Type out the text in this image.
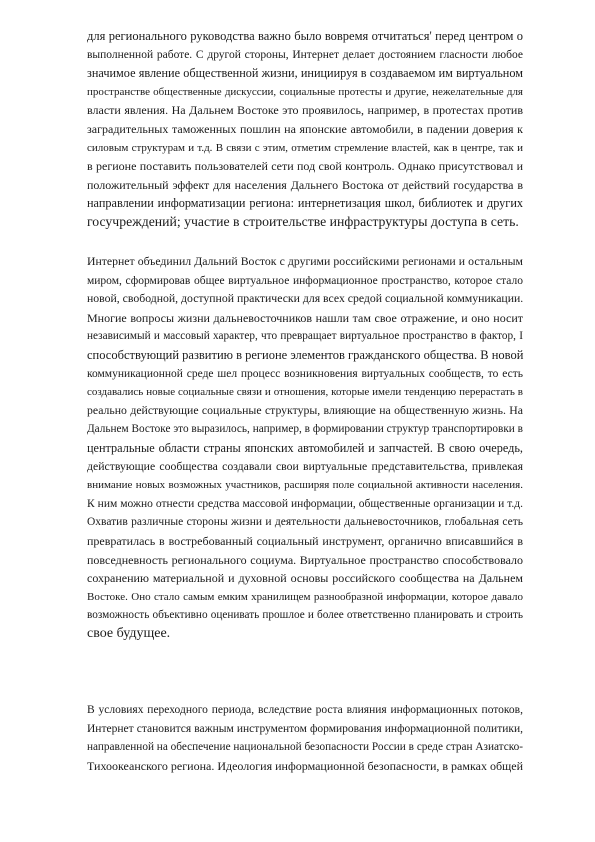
для регионального руководства важно было вовремя отчитаться' перед центром о
выполненной работе. С другой стороны, Интернет делает достоянием гласности любое
значимое явление общественной жизни, инициируя в создаваемом им виртуальном
пространстве общественные дискуссии, социальные протесты и другие, нежелательные для
власти явления. На Дальнем Востоке это проявилось, например, в протестах против
заградительных таможенных пошлин на японские автомобили, в падении доверия к
силовым структурам и т.д. В связи с этим, отметим стремление властей, как в центре, так и
в регионе поставить пользователей сети под свой контроль. Однако присутствовал и
положительный эффект для населения Дальнего Востока от действий государства в
направлении информатизации региона: интернетизация школ, библиотек и других
госучреждений; участие в строительстве инфраструктуры доступа в сеть.
Интернет объединил Дальний Восток с другими российскими регионами и остальным
миром, сформировав общее виртуальное информационное пространство, которое стало
новой, свободной, доступной практически для всех средой социальной коммуникации.
Многие вопросы жизни дальневосточников нашли там свое отражение, и оно носит
независимый и массовый характер, что превращает виртуальное пространство в фактор, I
способствующий развитию в регионе элементов гражданского общества. В новой
коммуникационной среде шел процесс возникновения виртуальных сообществ, то есть
создавались новые социальные связи и отношения, которые имели тенденцию перерастать в
реально действующие социальные структуры, влияющие на общественную жизнь. На
Дальнем Востоке это выразилось, например, в формировании структур транспортировки в
центральные области страны японских автомобилей и запчастей. В свою очередь,
действующие сообщества создавали свои виртуальные представительства, привлекая
внимание новых возможных участников, расширяя поле социальной активности населения.
К ним можно отнести средства массовой информации, общественные организации и т.д.
Охватив различные стороны жизни и деятельности дальневосточников, глобальная сеть
превратилась в востребованный социальный инструмент, органично вписавшийся в
повседневность регионального социума. Виртуальное пространство способствовало
сохранению материальной и духовной основы российского сообщества на Дальнем
Востоке. Оно стало самым емким хранилищем разнообразной информации, которое давало
возможность объективно оценивать прошлое и более ответственно планировать и строить
свое будущее.
В условиях переходного периода, вследствие роста влияния информационных потоков,
Интернет становится важным инструментом формирования информационной политики,
направленной на обеспечение национальной безопасности России в среде стран Азиатско-
Тихоокеанского региона. Идеология информационной безопасности, в рамках общей
